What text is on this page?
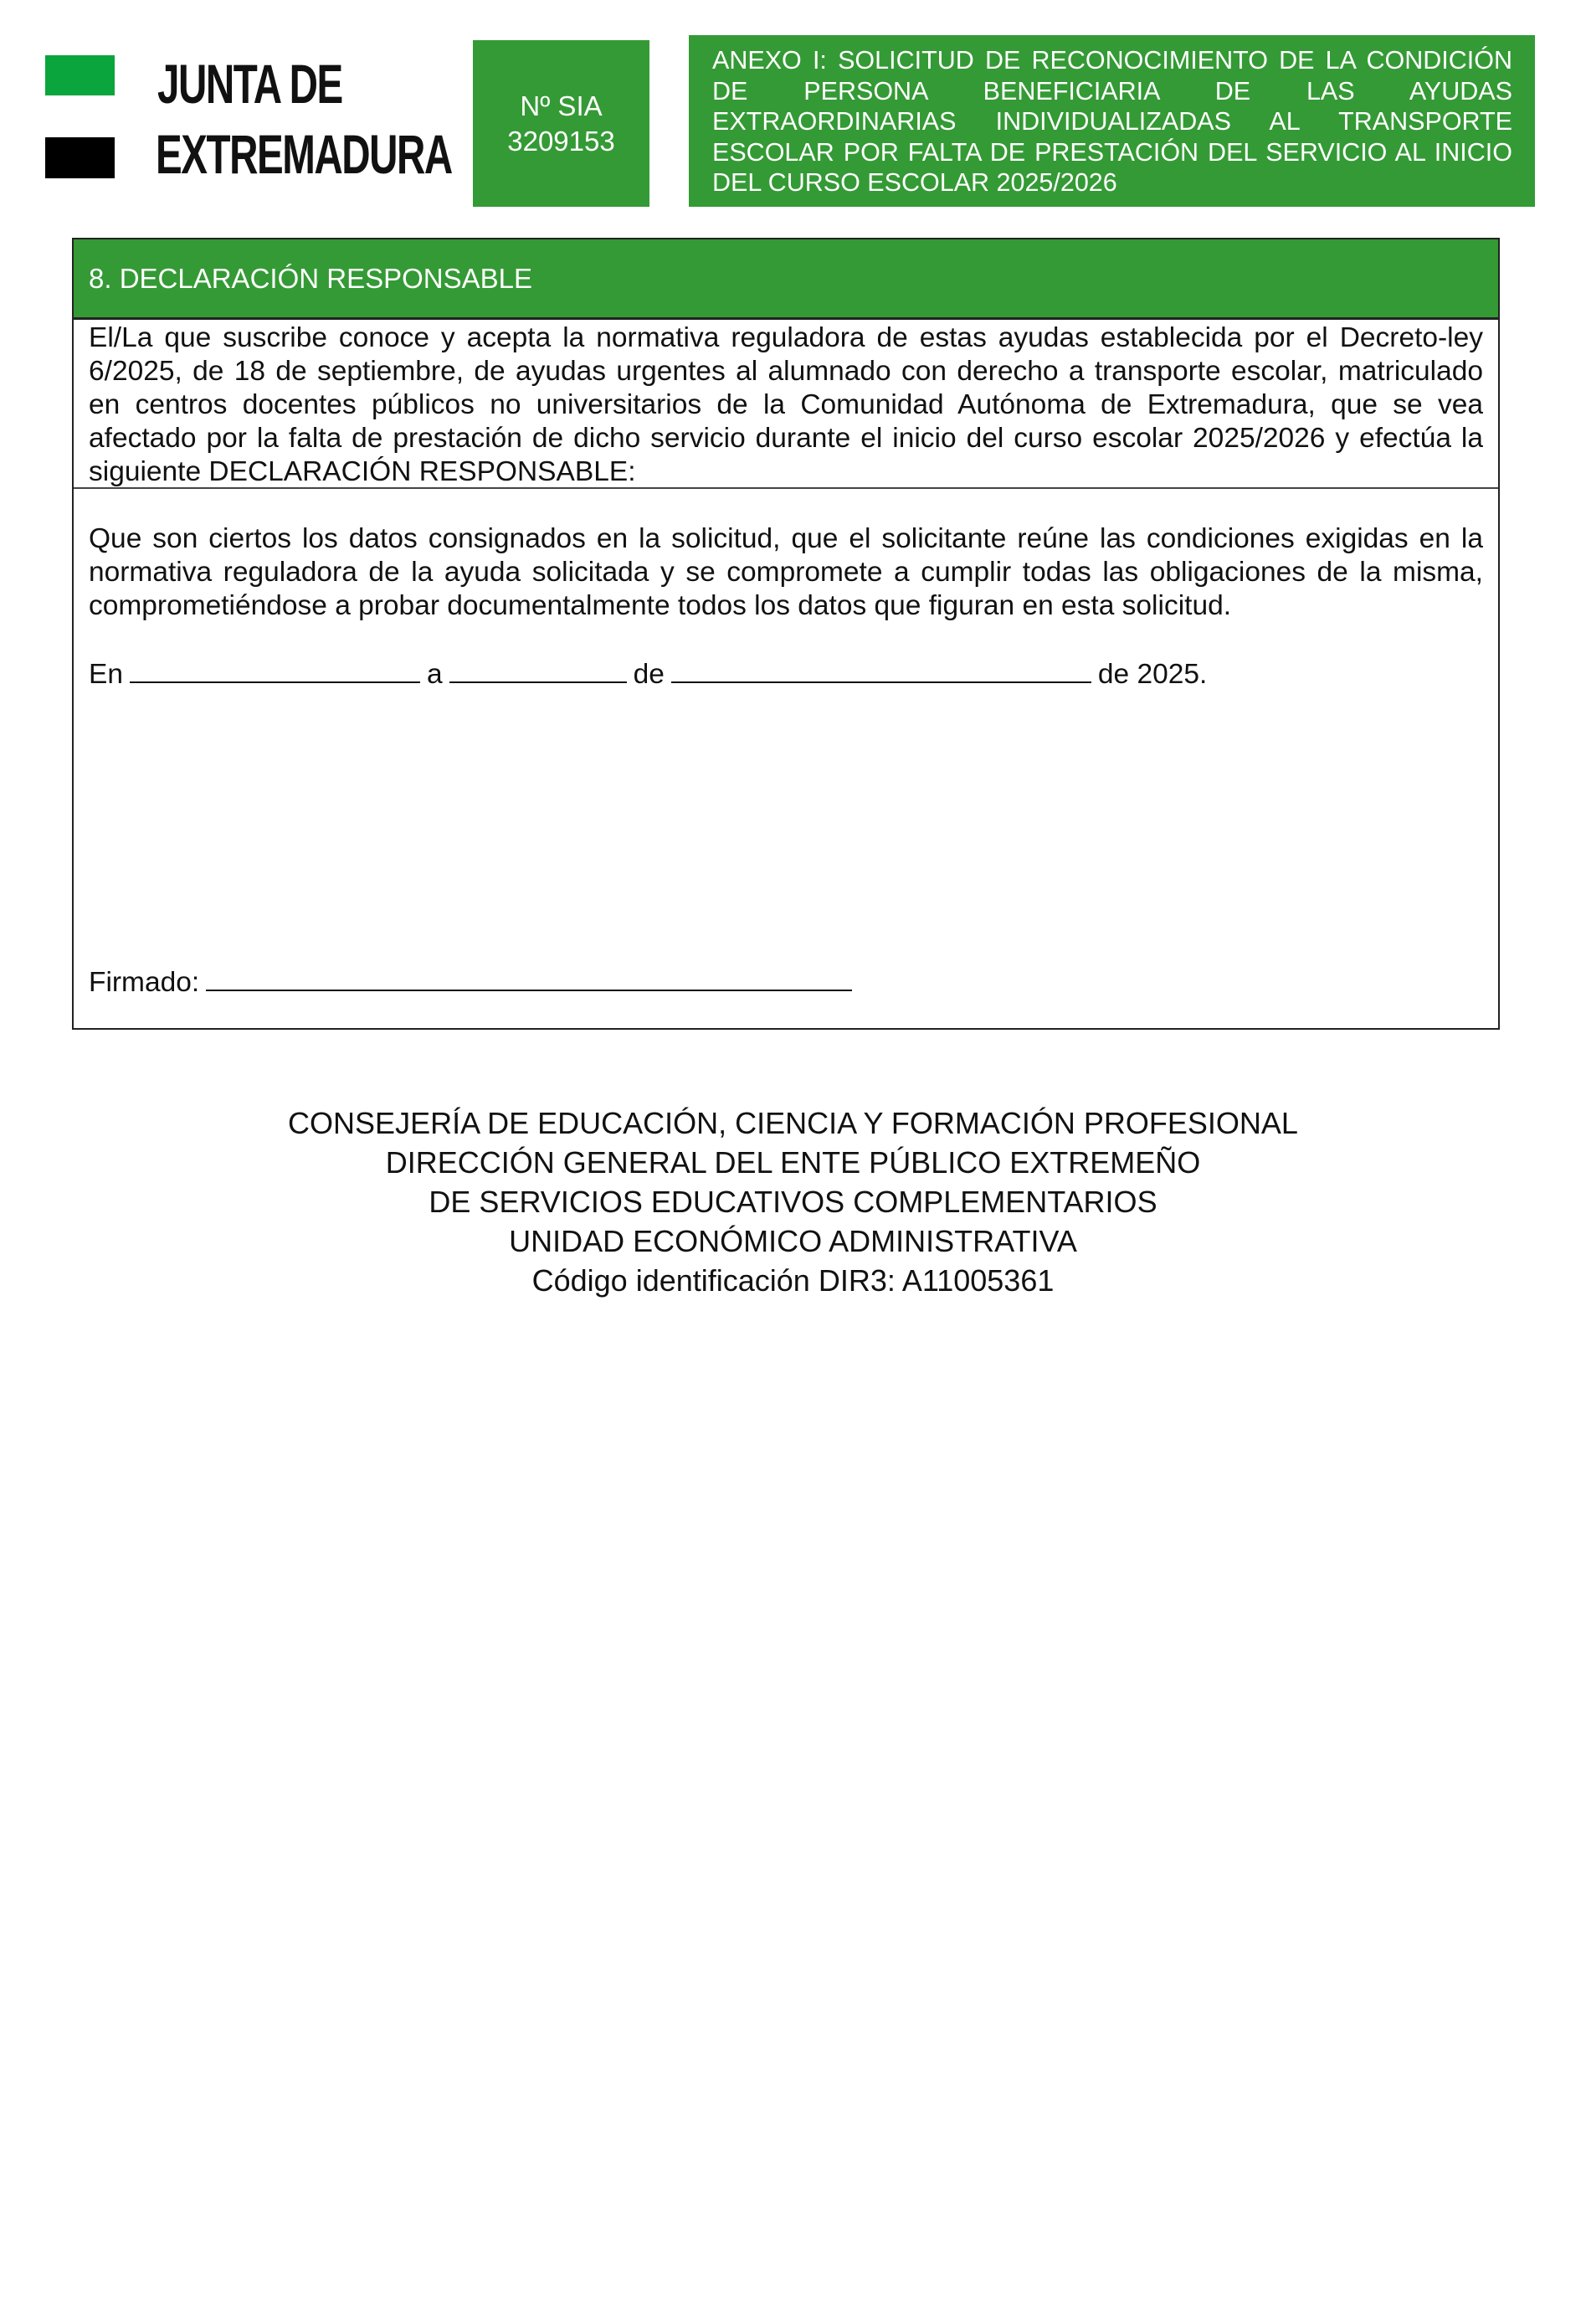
JUNTA DE
EXTREMADURA
Nº SIA
3209153
ANEXO I: SOLICITUD DE RECONOCIMIENTO DE LA CONDICIÓN DE PERSONA BENEFICIARIA DE LAS AYUDAS EXTRAORDINARIAS INDIVIDUALIZADAS AL TRANSPORTE ESCOLAR POR FALTA DE PRESTACIÓN DEL SERVICIO AL INICIO DEL CURSO ESCOLAR 2025/2026
8. DECLARACIÓN RESPONSABLE
El/La que suscribe conoce y acepta la normativa reguladora de estas ayudas establecida por el Decreto-ley 6/2025, de 18 de septiembre, de ayudas urgentes al alumnado con derecho a transporte escolar, matriculado en centros docentes públicos no universitarios de la Comunidad Autónoma de Extremadura, que se vea afectado por la falta de prestación de dicho servicio durante el inicio del curso escolar 2025/2026 y efectúa la siguiente DECLARACIÓN RESPONSABLE:
Que son ciertos los datos consignados en la solicitud, que el solicitante reúne las condiciones exigidas en la normativa reguladora de la ayuda solicitada y se compromete a cumplir todas las obligaciones de la misma, comprometiéndose a probar documentalmente todos los datos que figuran en esta solicitud.
En	a	de	de 2025.
Firmado:
CONSEJERÍA DE EDUCACIÓN, CIENCIA Y FORMACIÓN PROFESIONAL
DIRECCIÓN GENERAL DEL ENTE PÚBLICO EXTREMEÑO
DE SERVICIOS EDUCATIVOS COMPLEMENTARIOS
UNIDAD ECONÓMICO ADMINISTRATIVA
Código identificación DIR3: A11005361
